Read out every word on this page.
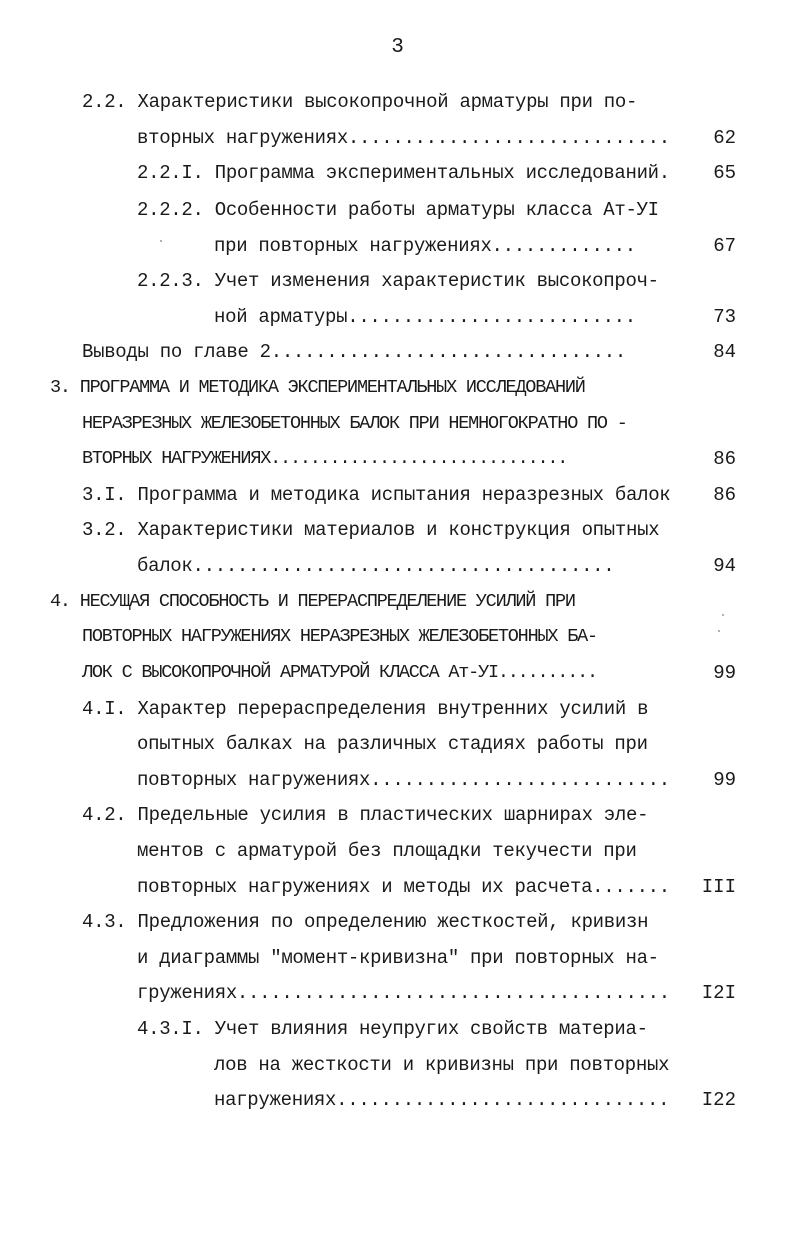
3
2.2. Характеристики высокопрочной арматуры при по-
вторных нагружениях.............................	62
2.2.I. Программа экспериментальных исследований.	65
2.2.2. Особенности работы арматуры класса Ат-УI
при повторных нагружениях.............	67
2.2.3. Учет изменения характеристик высокопроч-
ной арматуры..........................	73
Выводы по главе 2................................	84
3. ПРОГРАММА И МЕТОДИКА ЭКСПЕРИМЕНТАЛЬНЫХ ИССЛЕДОВАНИЙ
НЕРАЗРЕЗНЫХ ЖЕЛЕЗОБЕТОННЫХ БАЛОК ПРИ НЕМНОГОКРАТНО ПО -
ВТОРНЫХ НАГРУЖЕНИЯХ..............................	86
3.I. Программа и методика испытания неразрезных балок	86
3.2. Характеристики материалов и конструкция опытных
балок......................................	94
4. НЕСУЩАЯ СПОСОБНОСТЬ И ПЕРЕРАСПРЕДЕЛЕНИЕ УСИЛИЙ ПРИ
ПОВТОРНЫХ НАГРУЖЕНИЯХ НЕРАЗРЕЗНЫХ ЖЕЛЕЗОБЕТОННЫХ БА-
ЛОК С ВЫСОКОПРОЧНОЙ АРМАТУРОЙ КЛАССА Ат-УI..........	99
4.I. Характер перераспределения внутренних усилий в
опытных балках на различных стадиях работы при
повторных нагружениях...........................	99
4.2. Предельные усилия в пластических шарнирах эле-
ментов с арматурой без площадки текучести при
повторных нагружениях и методы их расчета.......	III
4.3. Предложения по определению жесткостей, кривизн
и диаграммы "момент-кривизна" при повторных на-
гружениях.......................................	I2I
4.3.I. Учет влияния неупругих свойств материа-
лов на жесткости и кривизны при повторных
нагружениях..............................	I22
